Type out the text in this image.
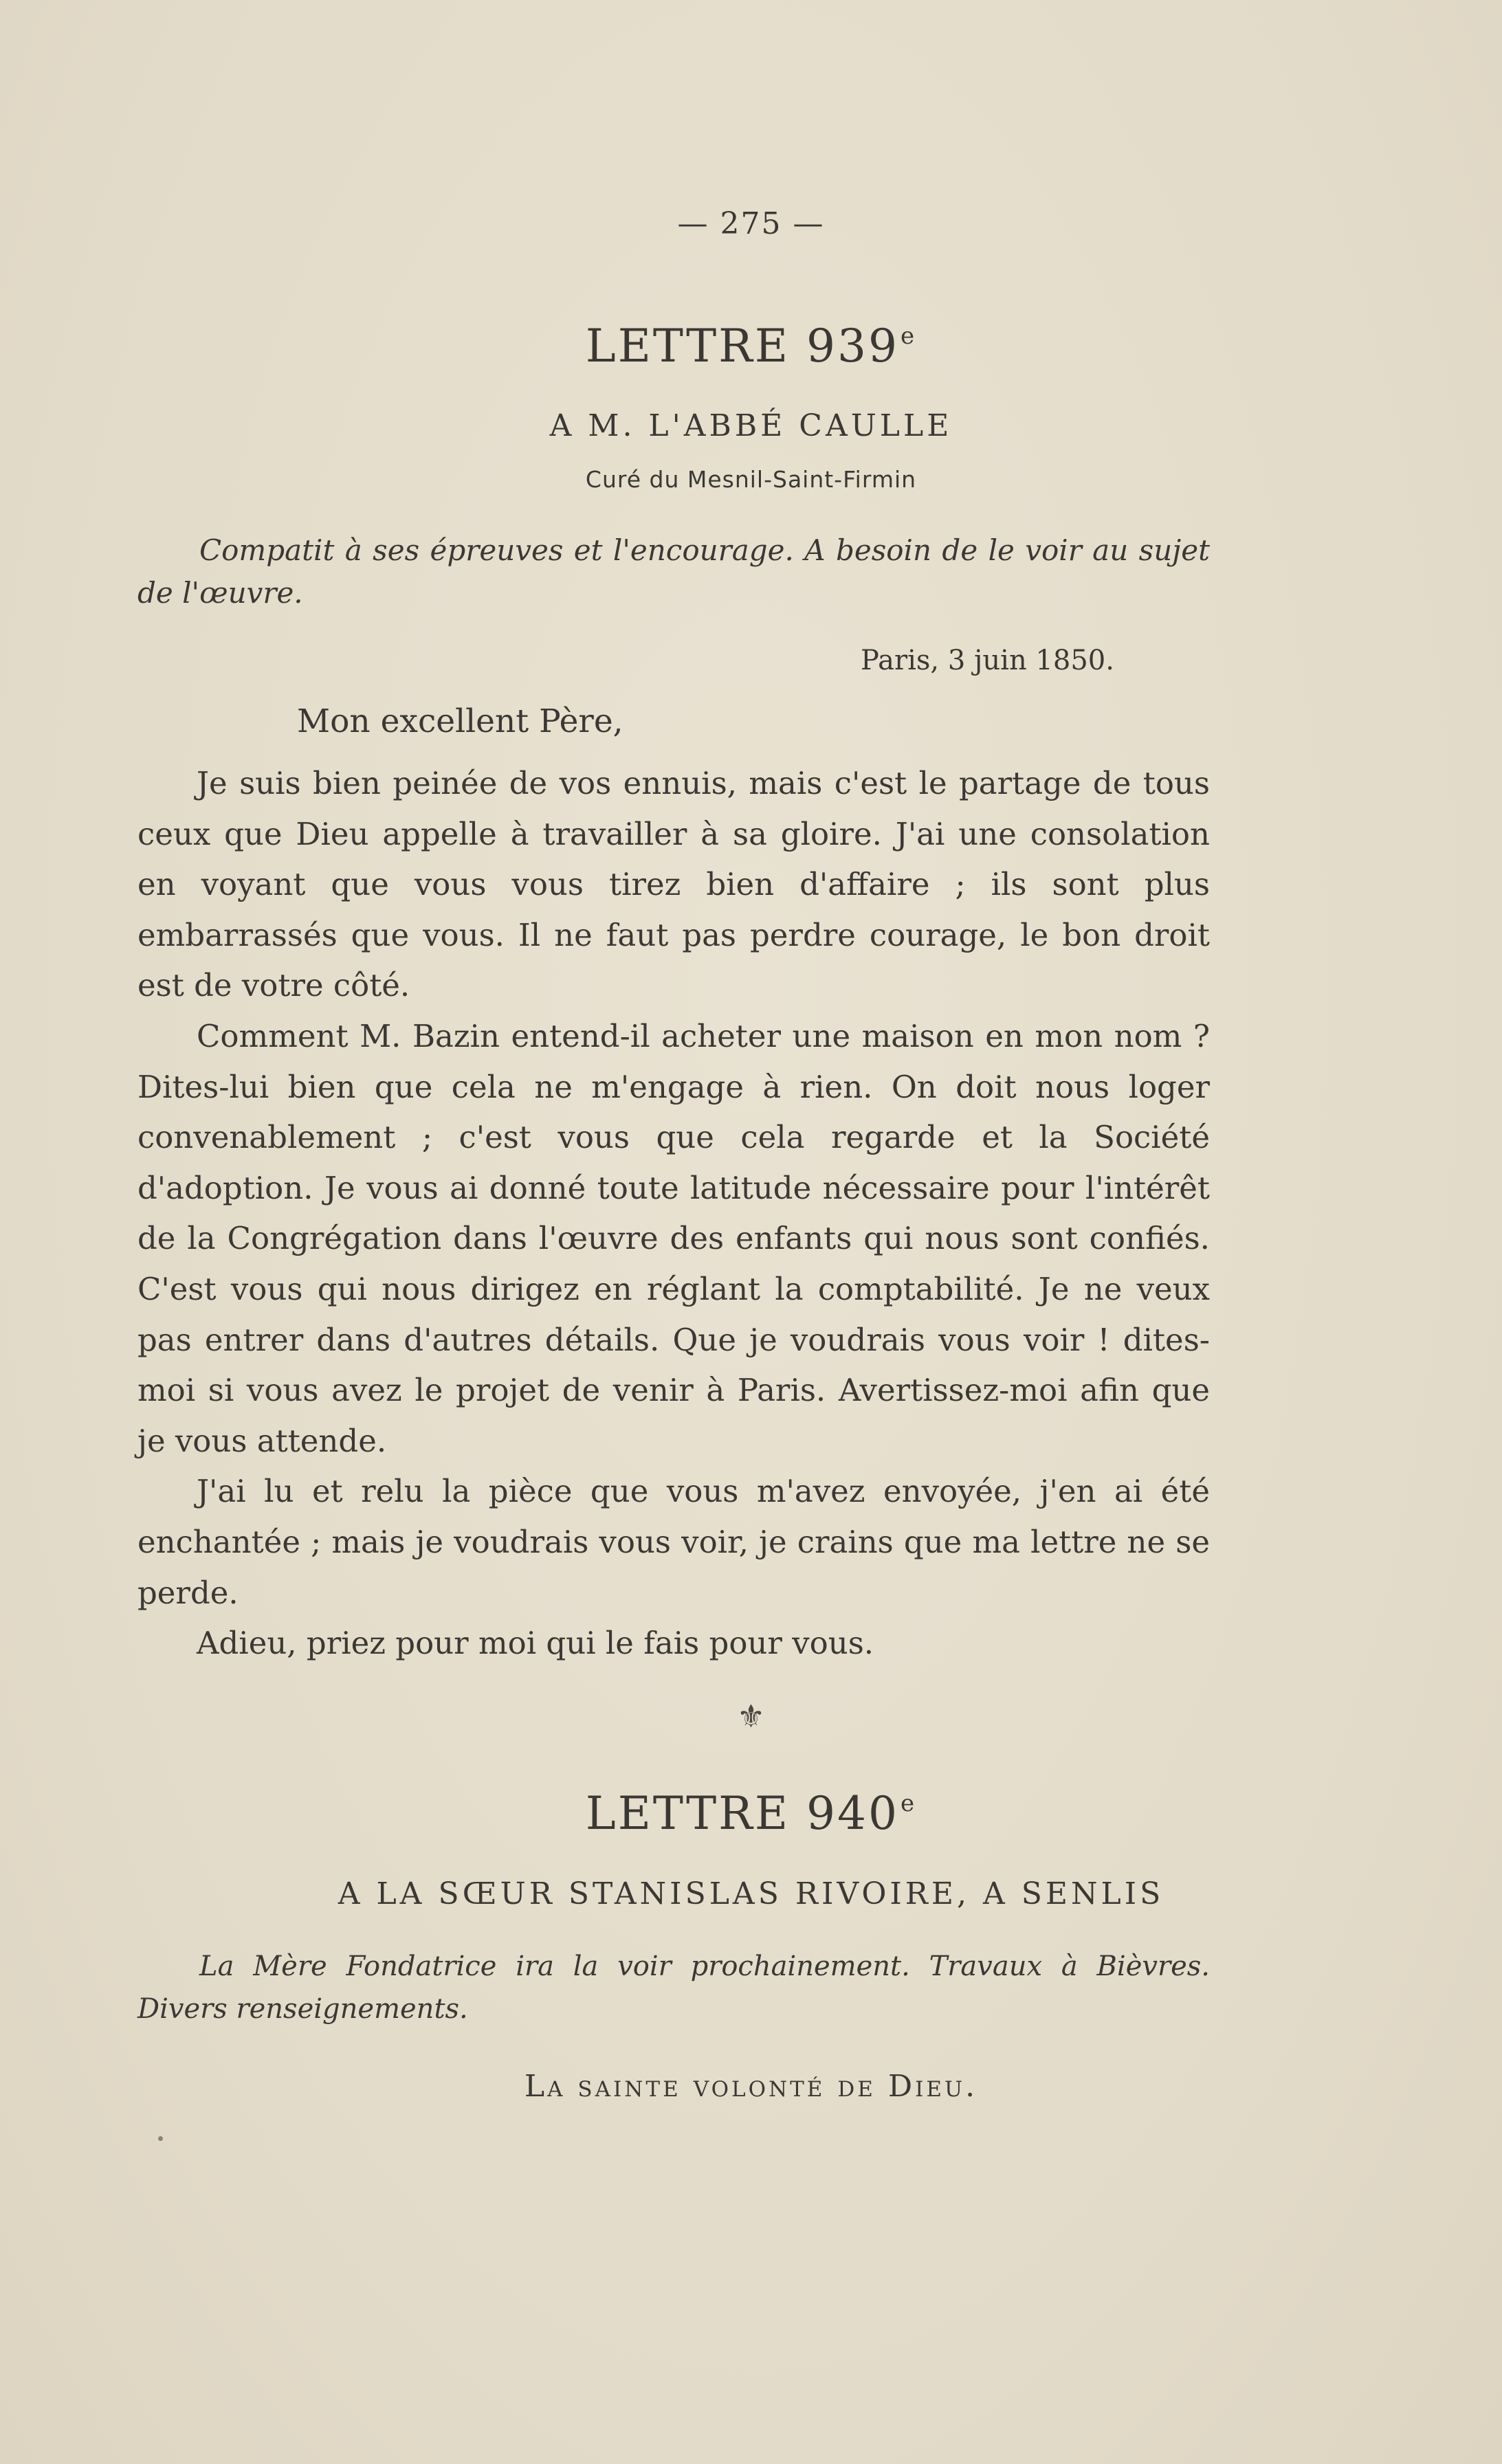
— 275 —
LETTRE 939e
A M. L'ABBÉ CAULLE
Curé du Mesnil-Saint-Firmin
Compatit à ses épreuves et l'encourage. A besoin de le voir au sujet de l'œuvre.
Paris, 3 juin 1850.
Mon excellent Père,

Je suis bien peinée de vos ennuis, mais c'est le partage de tous ceux que Dieu appelle à travailler à sa gloire. J'ai une consolation en voyant que vous vous tirez bien d'affaire ; ils sont plus embarrassés que vous. Il ne faut pas perdre courage, le bon droit est de votre côté.

Comment M. Bazin entend-il acheter une maison en mon nom ? Dites-lui bien que cela ne m'engage à rien. On doit nous loger convenablement ; c'est vous que cela regarde et la Société d'adoption. Je vous ai donné toute latitude nécessaire pour l'intérêt de la Congrégation dans l'œuvre des enfants qui nous sont confiés. C'est vous qui nous dirigez en réglant la comptabilité. Je ne veux pas entrer dans d'autres détails. Que je voudrais vous voir ! dites-moi si vous avez le projet de venir à Paris. Avertissez-moi afin que je vous attende.

J'ai lu et relu la pièce que vous m'avez envoyée, j'en ai été enchantée ; mais je voudrais vous voir, je crains que ma lettre ne se perde.

Adieu, priez pour moi qui le fais pour vous.

⚜
LETTRE 940e
A LA SŒUR STANISLAS RIVOIRE, A SENLIS
La Mère Fondatrice ira la voir prochainement. Travaux à Bièvres. Divers renseignements.
La sainte volonté de Dieu.
